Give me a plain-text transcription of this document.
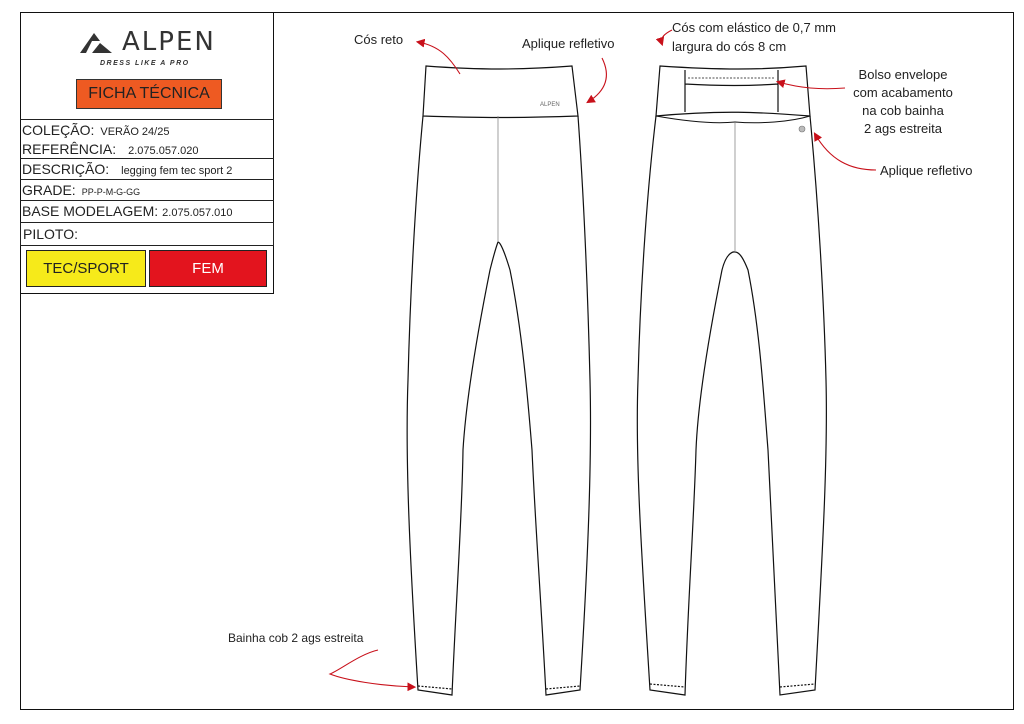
ALPEN
DRESS LIKE A PRO
FICHA TÉCNICA
COLEÇÃO: VERÃO 24/25
REFERÊNCIA: 2.075.057.020
DESCRIÇÃO: legging fem tec sport 2
GRADE: PP-P-M-G-GG
BASE MODELAGEM: 2.075.057.010
PILOTO:
TEC/SPORT	FEM
ALPEN
Cós reto	Aplique refletivo
Cós com elástico de 0,7 mm
largura do cós 8 cm
Bolso envelope
com acabamento
na cob bainha
2 ags estreita
Aplique refletivo
Bainha cob 2 ags estreita
